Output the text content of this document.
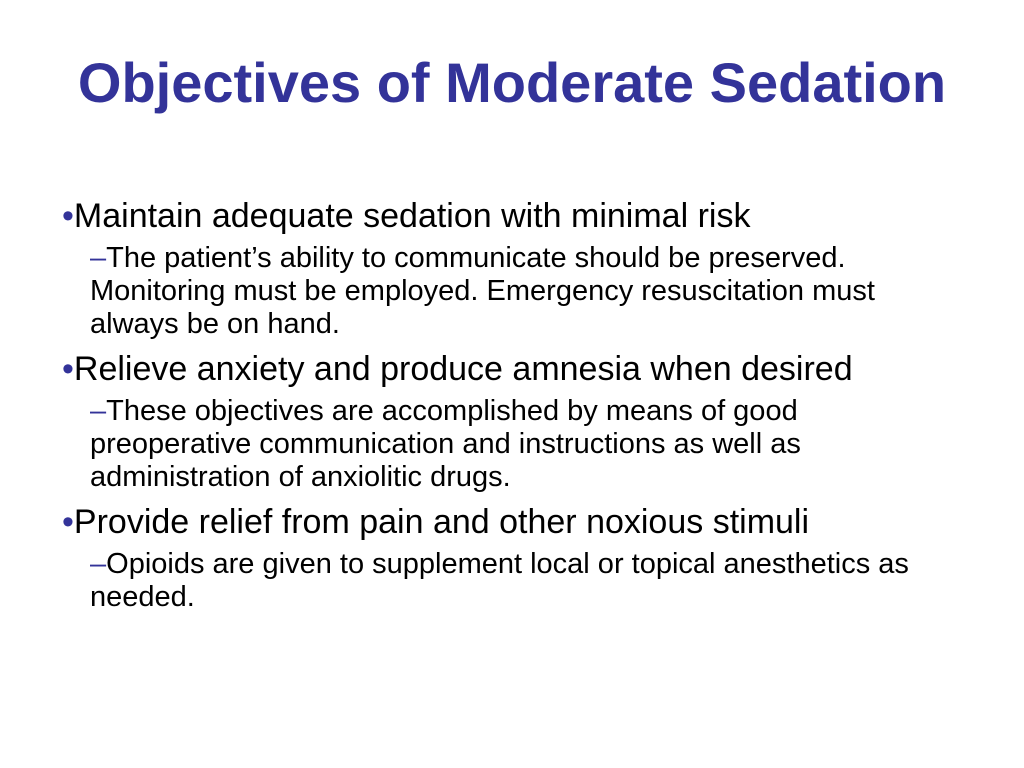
Objectives of Moderate Sedation
•Maintain adequate sedation with minimal risk
–The patient’s ability to communicate should be preserved. Monitoring must be employed. Emergency resuscitation must always be on hand.
•Relieve anxiety and produce amnesia when desired
–These objectives are accomplished by means of good preoperative communication and instructions as well as administration of anxiolitic drugs.
•Provide relief from pain and other noxious stimuli
–Opioids are given to supplement local or topical anesthetics as needed.
